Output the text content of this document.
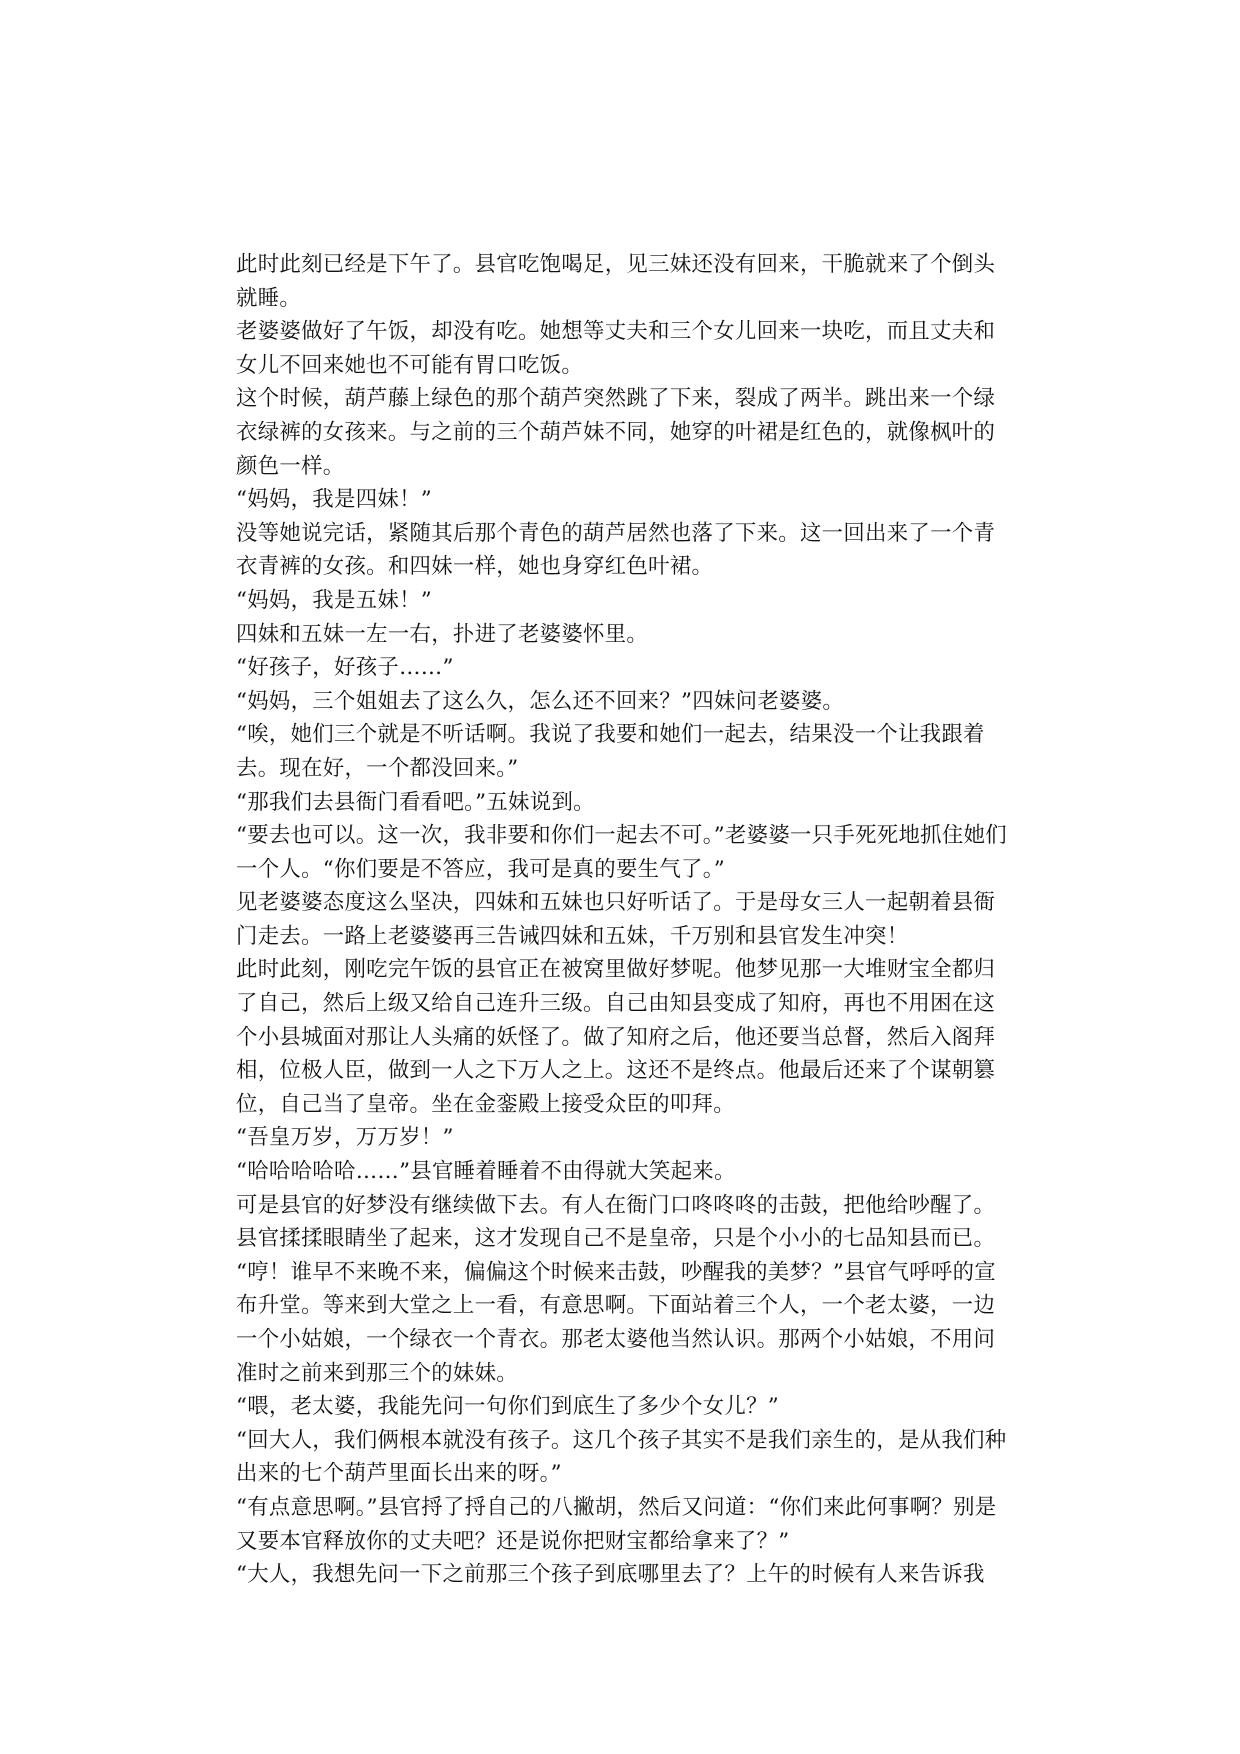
此时此刻已经是下午了。县官吃饱喝足，见三妹还没有回来，干脆就来了个倒头就睡。

老婆婆做好了午饭，却没有吃。她想等丈夫和三个女儿回来一块吃，而且丈夫和女儿不回来她也不可能有胃口吃饭。

这个时候，葫芦藤上绿色的那个葫芦突然跳了下来，裂成了两半。跳出来一个绿衣绿裤的女孩来。与之前的三个葫芦妹不同，她穿的叶裙是红色的，就像枫叶的颜色一样。

“妈妈，我是四妹！”

没等她说完话，紧随其后那个青色的葫芦居然也落了下来。这一回出来了一个青衣青裤的女孩。和四妹一样，她也身穿红色叶裙。

“妈妈，我是五妹！”

四妹和五妹一左一右，扑进了老婆婆怀里。

“好孩子，好孩子……”

“妈妈，三个姐姐去了这么久，怎么还不回来？”四妹问老婆婆。

“唉，她们三个就是不听话啊。我说了我要和她们一起去，结果没一个让我跟着去。现在好，一个都没回来。”

“那我们去县衙门看看吧。”五妹说到。

“要去也可以。这一次，我非要和你们一起去不可。”老婆婆一只手死死地抓住她们一个人。“你们要是不答应，我可是真的要生气了。”

见老婆婆态度这么坚决，四妹和五妹也只好听话了。于是母女三人一起朝着县衙门走去。一路上老婆婆再三告诫四妹和五妹，千万别和县官发生冲突！

此时此刻，刚吃完午饭的县官正在被窝里做好梦呢。他梦见那一大堆财宝全都归了自己，然后上级又给自己连升三级。自己由知县变成了知府，再也不用困在这个小县城面对那让人头痛的妖怪了。做了知府之后，他还要当总督，然后入阁拜相，位极人臣，做到一人之下万人之上。这还不是终点。他最后还来了个谋朝篡位，自己当了皇帝。坐在金銮殿上接受众臣的叩拜。

“吾皇万岁，万万岁！”

“哈哈哈哈哈……”县官睡着睡着不由得就大笑起来。

可是县官的好梦没有继续做下去。有人在衙门口咚咚咚的击鼓，把他给吵醒了。

县官揉揉眼睛坐了起来，这才发现自己不是皇帝，只是个小小的七品知县而已。

“哼！谁早不来晚不来，偏偏这个时候来击鼓，吵醒我的美梦？”县官气呼呼的宣布升堂。等来到大堂之上一看，有意思啊。下面站着三个人，一个老太婆，一边一个小姑娘，一个绿衣一个青衣。那老太婆他当然认识。那两个小姑娘，不用问准时之前来到那三个的妹妹。

“喂，老太婆，我能先问一句你们到底生了多少个女儿？”

“回大人，我们俩根本就没有孩子。这几个孩子其实不是我们亲生的，是从我们种出来的七个葫芦里面长出来的呀。”

“有点意思啊。”县官捋了捋自己的八撇胡，然后又问道：“你们来此何事啊？别是又要本官释放你的丈夫吧？还是说你把财宝都给拿来了？”

“大人，我想先问一下之前那三个孩子到底哪里去了？上午的时候有人来告诉我
